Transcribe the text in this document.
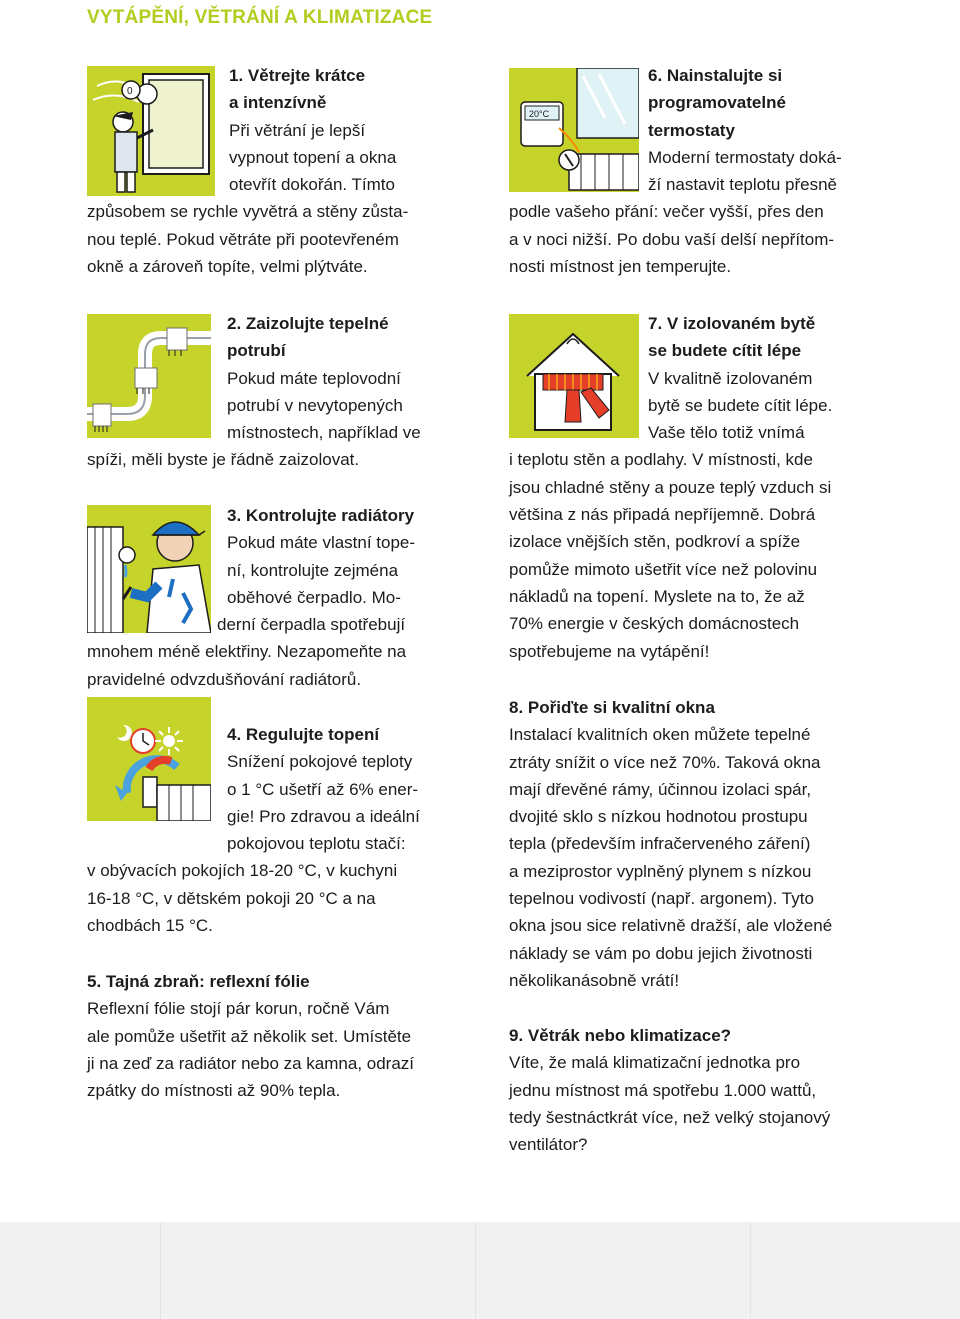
VYTÁPĚNÍ, VĚTRÁNÍ A KLIMATIZACE
0
20°C
1. Větrejte krátce
a intenzívně

Při větrání je lepší

vypnout topení a okna

otevřít dokořán. Tímto

způsobem se rychle vyvětrá a stěny zůsta-

nou teplé. Pokud větráte při pootevřeném

okně a zároveň topíte, velmi plýtváte.

2. Zaizolujte tepelné
potrubí

Pokud máte teplovodní

potrubí v nevytopených

místnostech, například ve

spíži, měli byste je řádně zaizolovat.

3. Kontrolujte radiátory

Pokud máte vlastní tope-

ní, kontrolujte zejména

oběhové čerpadlo. Mo-

derní čerpadla spotřebují

mnohem méně elektřiny. Nezapomeňte na

pravidelné odvzdušňování radiátorů.

4. Regulujte topení

Snížení pokojové teploty

o 1 °C ušetří až 6% ener-

gie! Pro zdravou a ideální

pokojovou teplotu stačí:

v obývacích pokojích 18-20 °C, v kuchyni

16-18 °C, v dětském pokoji 20 °C a na

chodbách 15 °C.

5. Tajná zbraň: reflexní fólie

Reflexní fólie stojí pár korun, ročně Vám

ale pomůže ušetřit až několik set. Umístěte

ji na zeď za radiátor nebo za kamna, odrazí

zpátky do místnosti až 90% tepla.

6. Nainstalujte si
programovatelné
termostaty

Moderní termostaty doká-

ží nastavit teplotu přesně

podle vašeho přání: večer vyšší, přes den

a v noci nižší. Po dobu vaší delší nepřítom-

nosti místnost jen temperujte.

7. V izolovaném bytě
se budete cítit lépe

V kvalitně izolovaném

bytě se budete cítit lépe.

Vaše tělo totiž vnímá

i teplotu stěn a podlahy. V místnosti, kde

jsou chladné stěny a pouze teplý vzduch si

většina z nás připadá nepříjemně. Dobrá

izolace vnějších stěn, podkroví a spíže

pomůže mimoto ušetřit více než polovinu

nákladů na topení. Myslete na to, že až

70% energie v českých domácnostech

spotřebujeme na vytápění!

8. Pořiďte si kvalitní okna

Instalací kvalitních oken můžete tepelné

ztráty snížit o více než 70%. Taková okna

mají dřevěné rámy, účinnou izolaci spár,

dvojité sklo s nízkou hodnotou prostupu

tepla (především infračerveného záření)

a meziprostor vyplněný plynem s nízkou

tepelnou vodivostí (např. argonem). Tyto

okna jsou sice relativně dražší, ale vložené

náklady se vám po dobu jejich životnosti

několikanásobně vrátí!

9. Větrák nebo klimatizace?

Víte, že malá klimatizační jednotka pro

jednu místnost má spotřebu 1.000 wattů,

tedy šestnáctkrát více, než velký stojanový

ventilátor?
